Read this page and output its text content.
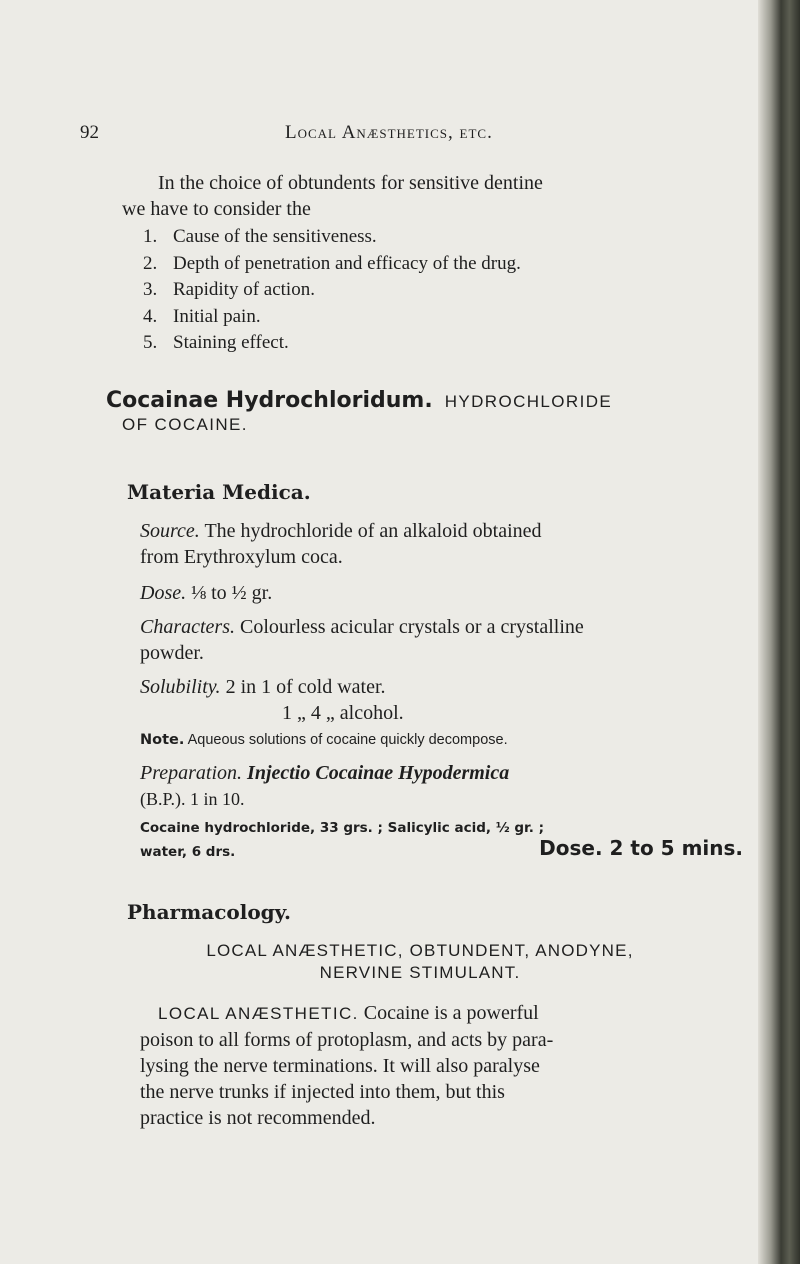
92	Local Anæsthetics, etc.
In the choice of obtundents for sensitive dentine
we have to consider the
1. Cause of the sensitiveness.
2. Depth of penetration and efficacy of the drug.
3. Rapidity of action.
4. Initial pain.
5. Staining effect.
Cocainae Hydrochloridum. HYDROCHLORIDE
OF COCAINE.
Materia Medica.
Source. The hydrochloride of an alkaloid obtained
from Erythroxylum coca.
Dose. ⅛ to ½ gr.
Characters. Colourless acicular crystals or a crystalline
powder.
Solubility. 2 in 1 of cold water.
1 „ 4 „ alcohol.
Note. Aqueous solutions of cocaine quickly decompose.
Preparation. Injectio Cocainae Hypodermica
(B.P.). 1 in 10.
Cocaine hydrochloride, 33 grs. ; Salicylic acid, ½ gr. ;
water, 6 drs.	Dose. 2 to 5 mins.
Pharmacology.
LOCAL ANÆSTHETIC, OBTUNDENT, ANODYNE,
NERVINE STIMULANT.
LOCAL ANÆSTHETIC. Cocaine is a powerful
poison to all forms of protoplasm, and acts by para-
lysing the nerve terminations. It will also paralyse
the nerve trunks if injected into them, but this
practice is not recommended.
